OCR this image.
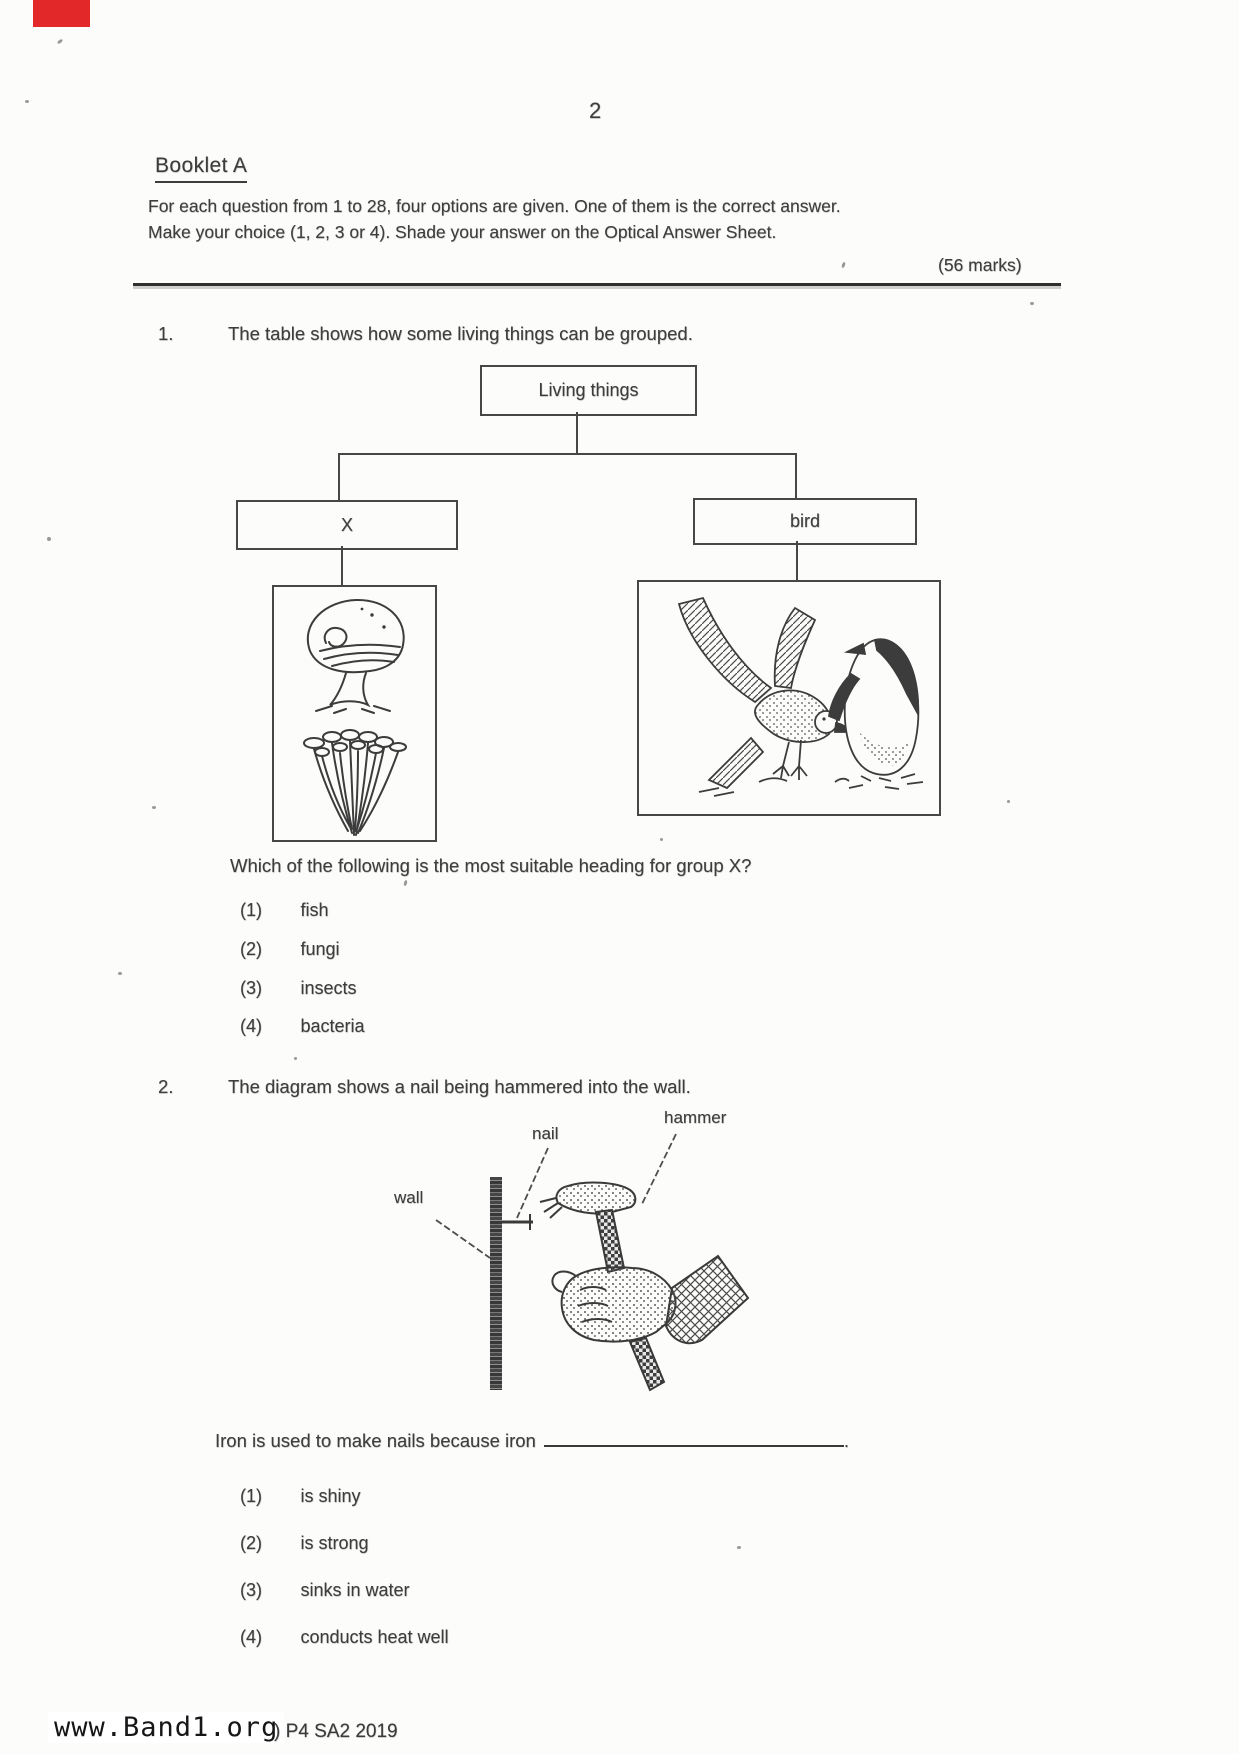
2
Booklet A
For each question from 1 to 28, four options are given. One of them is the correct answer.
Make your choice (1, 2, 3 or 4). Shade your answer on the Optical Answer Sheet.
(56 marks)
1.	The table shows how some living things can be grouped.
Living things
X	bird
Which of the following is the most suitable heading for group X?
(1) fish
(2) fungi
(3) insects
(4) bacteria
2.	The diagram shows a nail being hammered into the wall.
hammer
nail
wall
Iron is used to make nails because iron	.
(1) is shiny
(2) is strong
(3) sinks in water
(4) conducts heat well
www.Band1.org
) P4 SA2 2019
